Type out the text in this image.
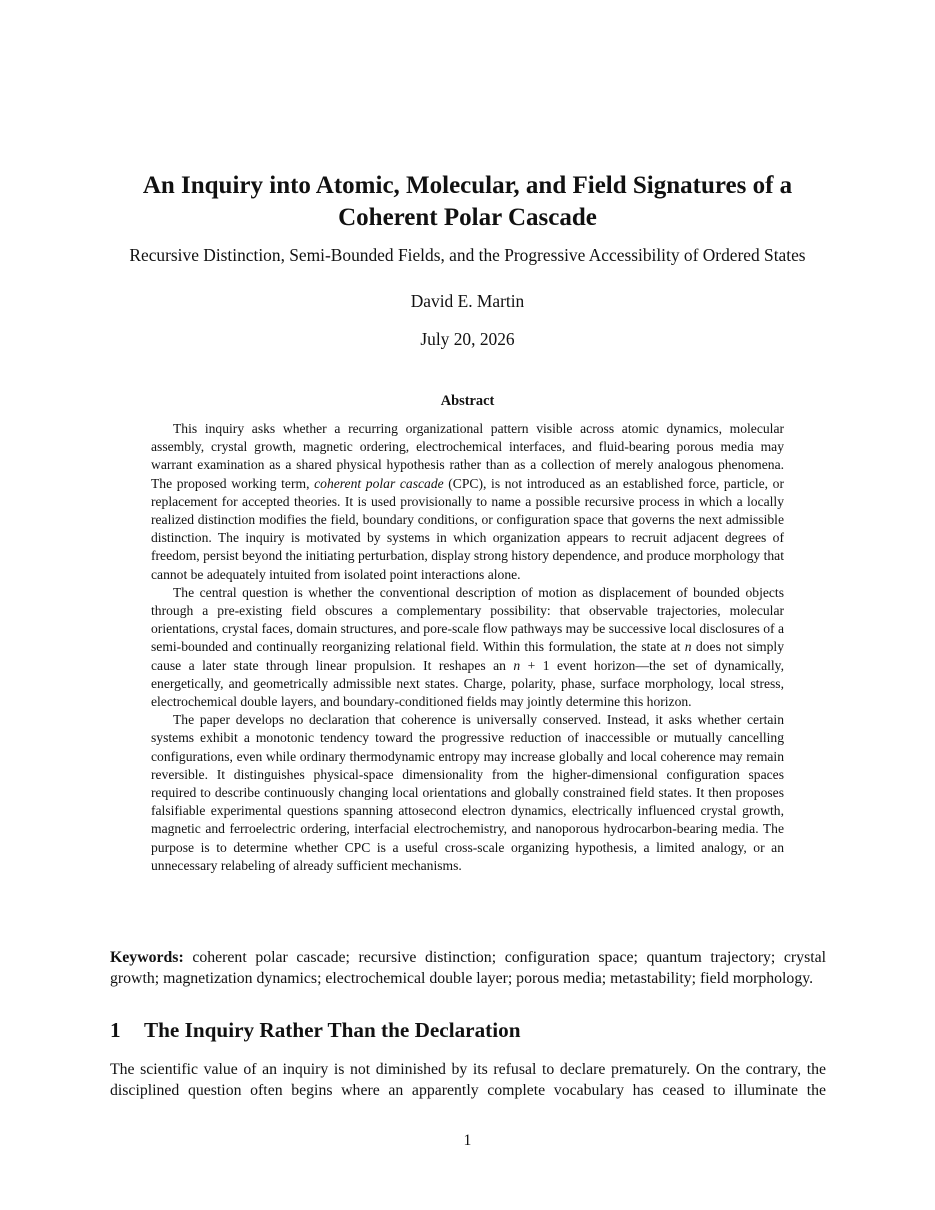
An Inquiry into Atomic, Molecular, and Field Signatures of a
Coherent Polar Cascade

Recursive Distinction, Semi-Bounded Fields, and the Progressive Accessibility of Ordered States

David E. Martin

July 20, 2026

Abstract

This inquiry asks whether a recurring organizational pattern visible across atomic dynamics, molecular assembly, crystal growth, magnetic ordering, electrochemical interfaces, and fluid-bearing porous media may warrant examination as a shared physical hypothesis rather than as a collection of merely analogous phenomena. The proposed working term, coherent polar cascade (CPC), is not introduced as an established force, particle, or replacement for accepted theories. It is used provisionally to name a possible recursive process in which a locally realized distinction modifies the field, boundary conditions, or configuration space that governs the next admissible distinction. The inquiry is motivated by systems in which organization appears to recruit adjacent degrees of freedom, persist beyond the initiating perturbation, display strong history dependence, and produce morphology that cannot be adequately intuited from isolated point interactions alone.

The central question is whether the conventional description of motion as displacement of bounded objects through a pre-existing field obscures a complementary possibility: that observable trajectories, molecular orientations, crystal faces, domain structures, and pore-scale flow pathways may be successive local disclosures of a semi-bounded and continually reorganizing relational field. Within this formulation, the state at n does not simply cause a later state through linear propulsion. It reshapes an n + 1 event horizon—the set of dynamically, energetically, and geometrically admissible next states. Charge, polarity, phase, surface morphology, local stress, electrochemical double layers, and boundary-conditioned fields may jointly determine this horizon.

The paper develops no declaration that coherence is universally conserved. Instead, it asks whether certain systems exhibit a monotonic tendency toward the progressive reduction of inaccessible or mutually cancelling configurations, even while ordinary thermodynamic entropy may increase globally and local coherence may remain reversible. It distinguishes physical-space dimensionality from the higher-dimensional configuration spaces required to describe continuously changing local orientations and globally constrained field states. It then proposes falsifiable experimental questions spanning attosecond electron dynamics, electrically influenced crystal growth, magnetic and ferroelectric ordering, interfacial electrochemistry, and nanoporous hydrocarbon-bearing media. The purpose is to determine whether CPC is a useful cross-scale organizing hypothesis, a limited analogy, or an unnecessary relabeling of already sufficient mechanisms.

Keywords: coherent polar cascade; recursive distinction; configuration space; quantum trajectory; crystal growth; magnetization dynamics; electrochemical double layer; porous media; metastability; field morphology.

1 The Inquiry Rather Than the Declaration

The scientific value of an inquiry is not diminished by its refusal to declare prematurely. On the contrary, the disciplined question often begins where an apparently complete vocabulary has ceased to illuminate the

1
